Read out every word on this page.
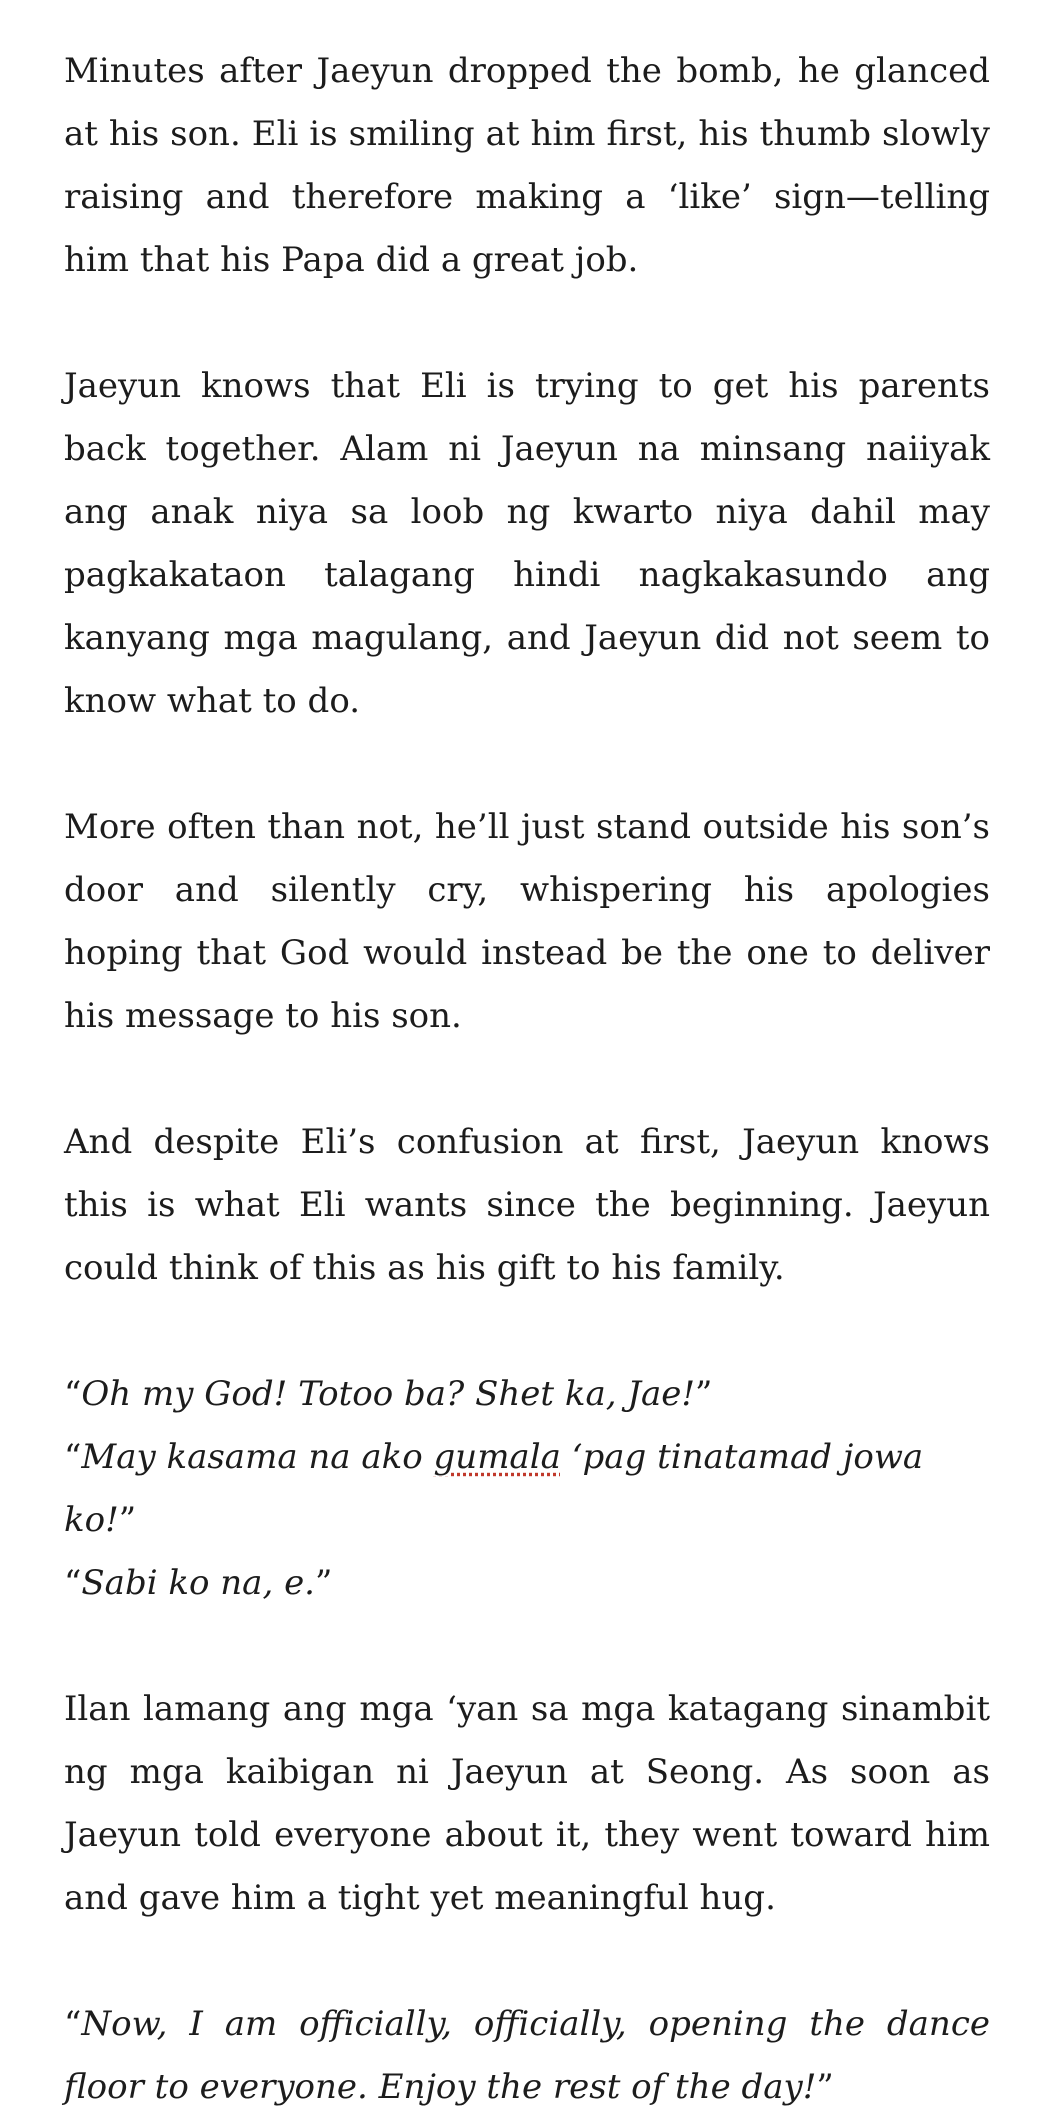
Minutes after Jaeyun dropped the bomb, he glanced at his son. Eli is smiling at him first, his thumb slowly raising and therefore making a ‘like’ sign—telling him that his Papa did a great job.

Jaeyun knows that Eli is trying to get his parents back together. Alam ni Jaeyun na minsang naiiyak ang anak niya sa loob ng kwarto niya dahil may pagkakataon talagang hindi nagkakasundo ang kanyang mga magulang, and Jaeyun did not seem to know what to do.

More often than not, he’ll just stand outside his son’s door and silently cry, whispering his apologies hoping that God would instead be the one to deliver his message to his son.

And despite Eli’s confusion at first, Jaeyun knows this is what Eli wants since the beginning. Jaeyun could think of this as his gift to his family.

“Oh my God! Totoo ba? Shet ka, Jae!”

“May kasama na ako gumala ‘pag tinatamad jowa ko!”

“Sabi ko na, e.”

Ilan lamang ang mga ‘yan sa mga katagang sinambit ng mga kaibigan ni Jaeyun at Seong. As soon as Jaeyun told everyone about it, they went toward him and gave him a tight yet meaningful hug.

“Now, I am officially, officially, opening the dance floor to everyone. Enjoy the rest of the day!”
